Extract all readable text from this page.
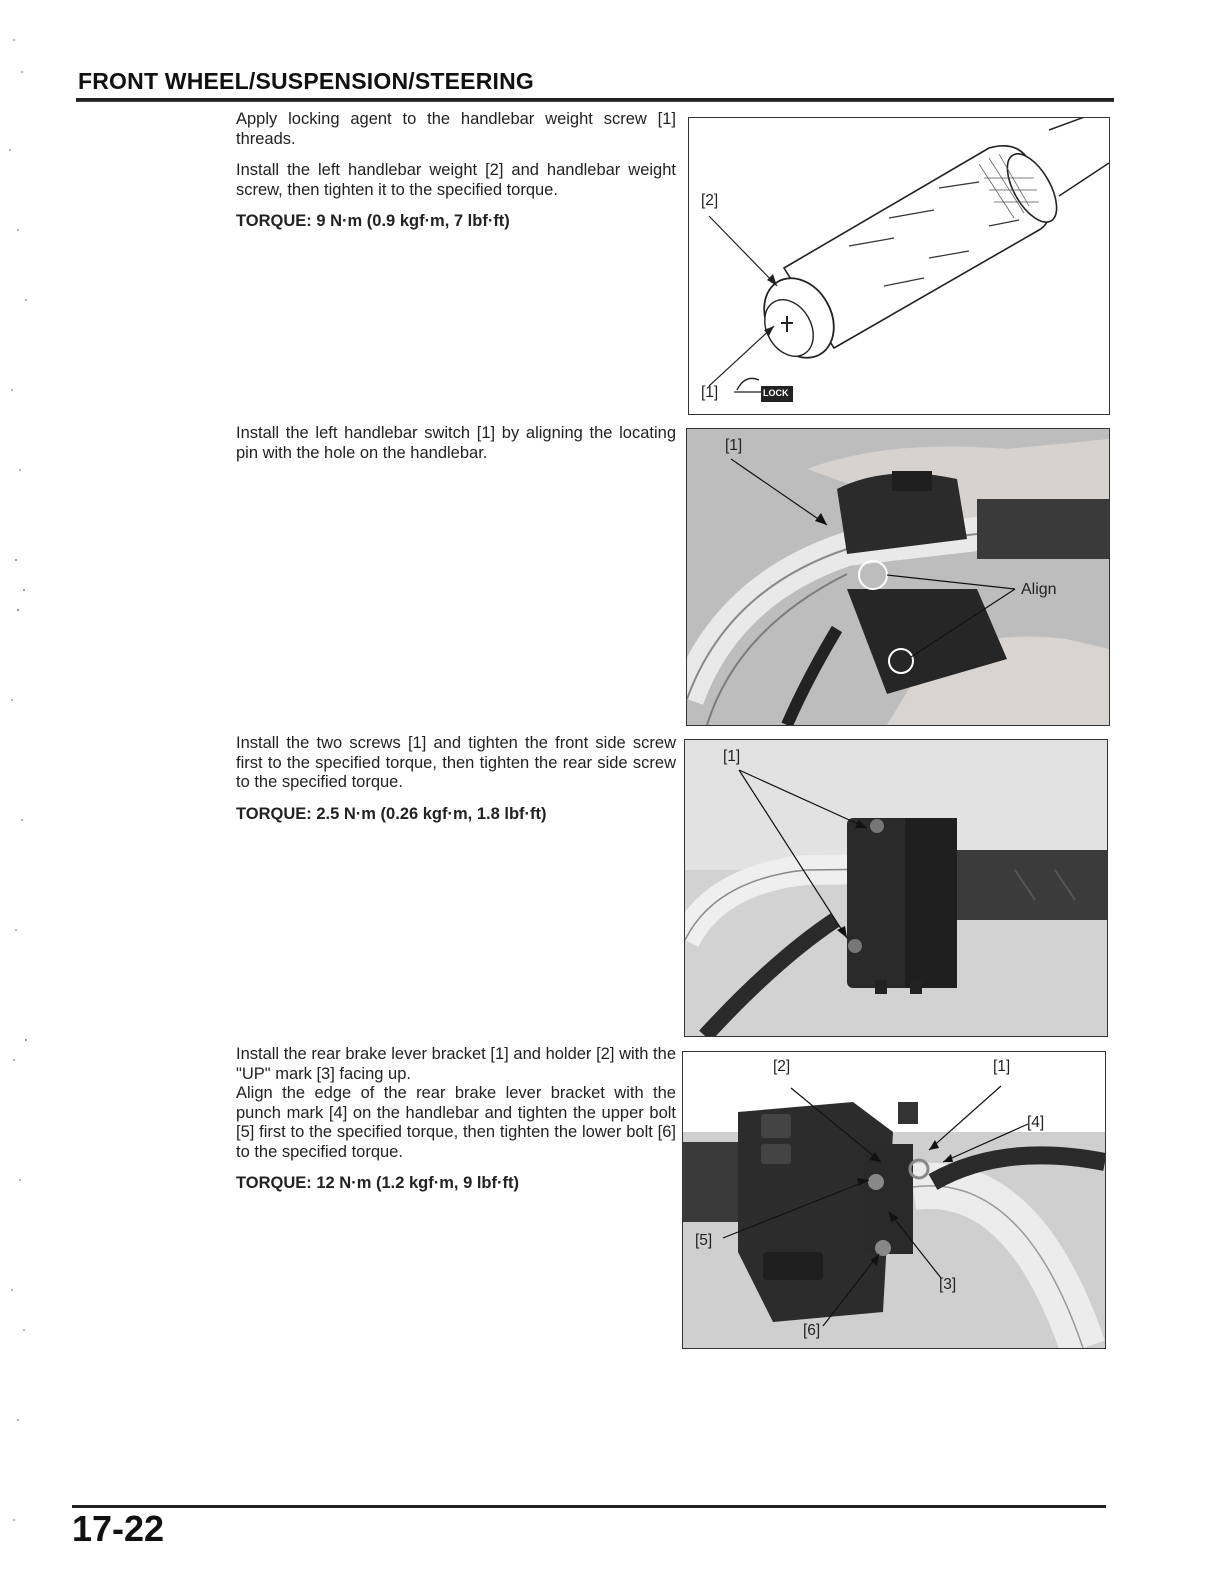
FRONT WHEEL/SUSPENSION/STEERING

Apply locking agent to the handlebar weight screw [1] threads.

Install the left handlebar weight [2] and handlebar weight screw, then tighten it to the specified torque.

TORQUE: 9 N·m (0.9 kgf·m, 7 lbf·ft)
[2]
[1]	LOCK

Install the left handlebar switch [1] by aligning the locating pin with the hole on the handlebar.	[1]
Align

Install the two screws [1] and tighten the front side screw first to the specified torque, then tighten the rear side screw to the specified torque.

TORQUE: 2.5 N·m (0.26 kgf·m, 1.8 lbf·ft)
[1]

Install the rear brake lever bracket [1] and holder [2] with the "UP" mark [3] facing up.

Align the edge of the rear brake lever bracket with the punch mark [4] on the handlebar and tighten the upper bolt [5] first to the specified torque, then tighten the lower bolt [6] to the specified torque.

TORQUE: 12 N·m (1.2 kgf·m, 9 lbf·ft)
[2]	[1]
[4]
[5]
[3]
[6]
17-22
